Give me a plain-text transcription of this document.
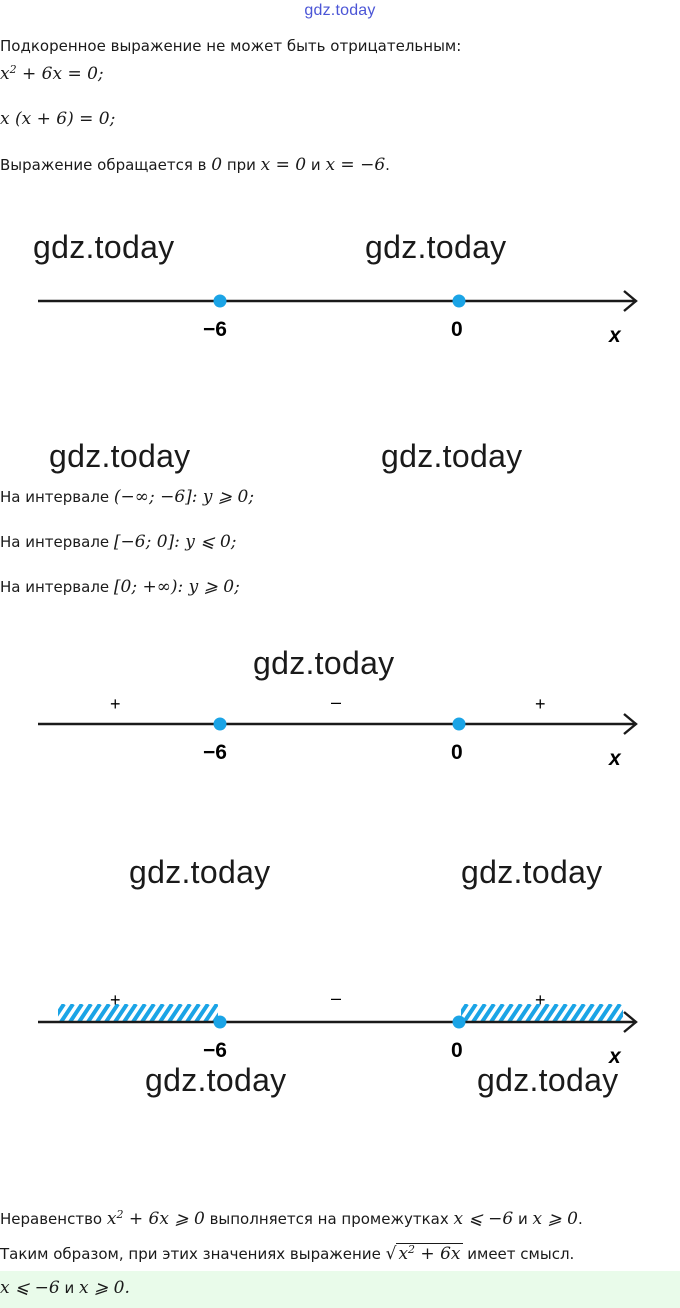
gdz.today
Подкоренное выражение не может быть отрицательным:
$x^2 + 6x = 0$;
x (x + 6) = 0;
Выражение обращается в 0 при x = 0 и x = −6.
gdz.today	gdz.today
−6	0	x
gdz.today	gdz.today
На интервале (−∞; −6]: y ⩾ 0;
На интервале [−6; 0]: y ⩽ 0;
На интервале [0; +∞): y ⩾ 0;
gdz.today
+	–	+
−6	0	x
gdz.today	gdz.today
+	–	+
−6	0	x
gdz.today	gdz.today
Неравенство $x^2 + 6x$ ⩾ 0 выполняется на промежутках x ⩽ −6 и x ⩾ 0.
Таким образом, при этих значениях выражение √ $x^2 + 6x$ имеет смысл.
x ⩽ −6 и x ⩾ 0.
